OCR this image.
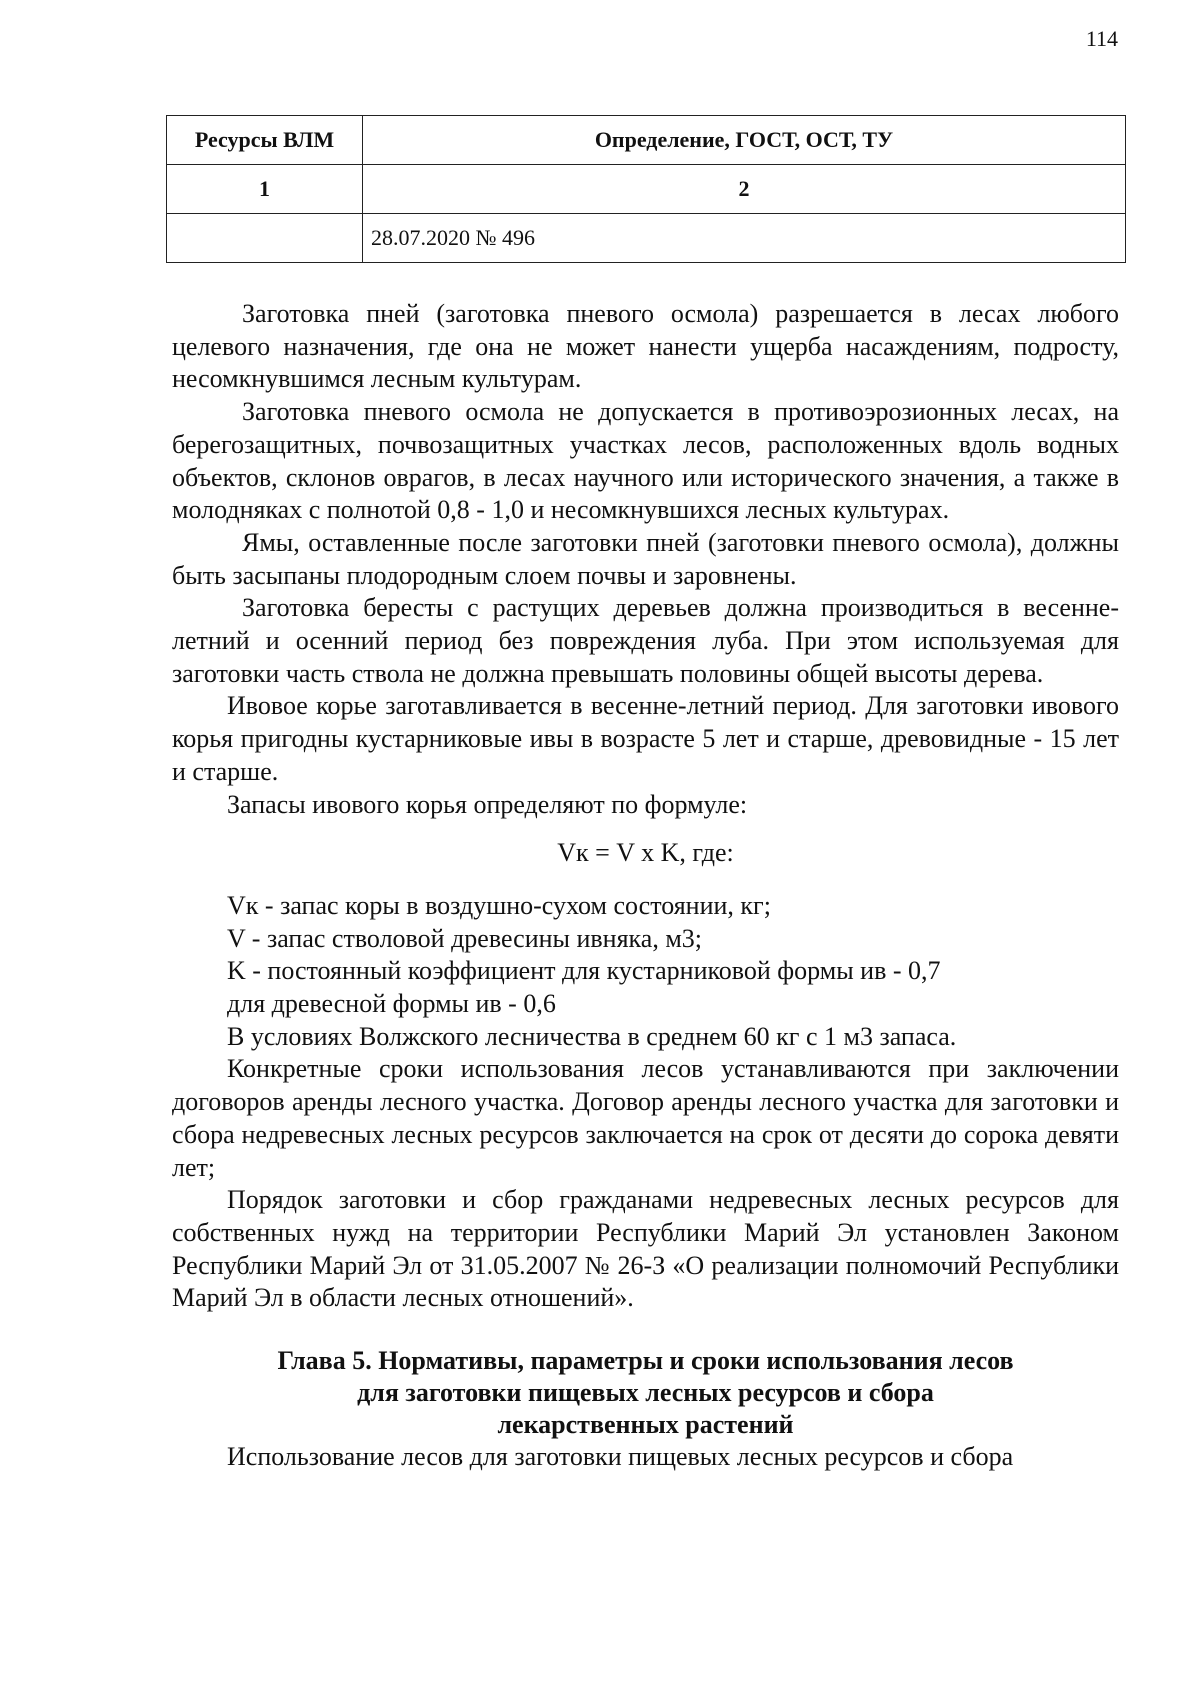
114
Ресурсы ВЛМ	Определение, ГОСТ, ОСТ, ТУ
1	2
	28.07.2020 № 496

Заготовка пней (заготовка пневого осмола) разрешается в лесах любого целевого назначения, где она не может нанести ущерба насаждениям, подросту, несомкнувшимся лесным культурам.

Заготовка пневого осмола не допускается в противоэрозионных лесах, на берегозащитных, почвозащитных участках лесов, расположенных вдоль водных объектов, склонов оврагов, в лесах научного или исторического значения, а также в молодняках с полнотой 0,8 - 1,0 и несомкнувшихся лесных культурах.

Ямы, оставленные после заготовки пней (заготовки пневого осмола), должны быть засыпаны плодородным слоем почвы и заровнены.

Заготовка бересты с растущих деревьев должна производиться в весенне-летний и осенний период без повреждения луба. При этом используемая для заготовки часть ствола не должна превышать половины общей высоты дерева.

Ивовое корье заготавливается в весенне-летний период. Для заготовки ивового корья пригодны кустарниковые ивы в возрасте 5 лет и старше, древовидные - 15 лет и старше.

Запасы ивового корья определяют по формуле:

Vк = V х K, где:

Vк - запас коры в воздушно-сухом состоянии, кг;

V - запас стволовой древесины ивняка, м3;

K - постоянный коэффициент для кустарниковой формы ив - 0,7

для древесной формы ив - 0,6

В условиях Волжского лесничества в среднем 60 кг с 1 м3 запаса.

Конкретные сроки использования лесов устанавливаются при заключении договоров аренды лесного участка. Договор аренды лесного участка для заготовки и сбора недревесных лесных ресурсов заключается на срок от десяти до сорока девяти лет;

Порядок заготовки и сбор гражданами недревесных лесных ресурсов для собственных нужд на территории Республики Марий Эл установлен Законом Республики Марий Эл от 31.05.2007 № 26-З «О реализации полномочий Республики Марий Эл в области лесных отношений».

Глава 5. Нормативы, параметры и сроки использования лесов
для заготовки пищевых лесных ресурсов и сбора
лекарственных растений

Использование лесов для заготовки пищевых лесных ресурсов и сбора
